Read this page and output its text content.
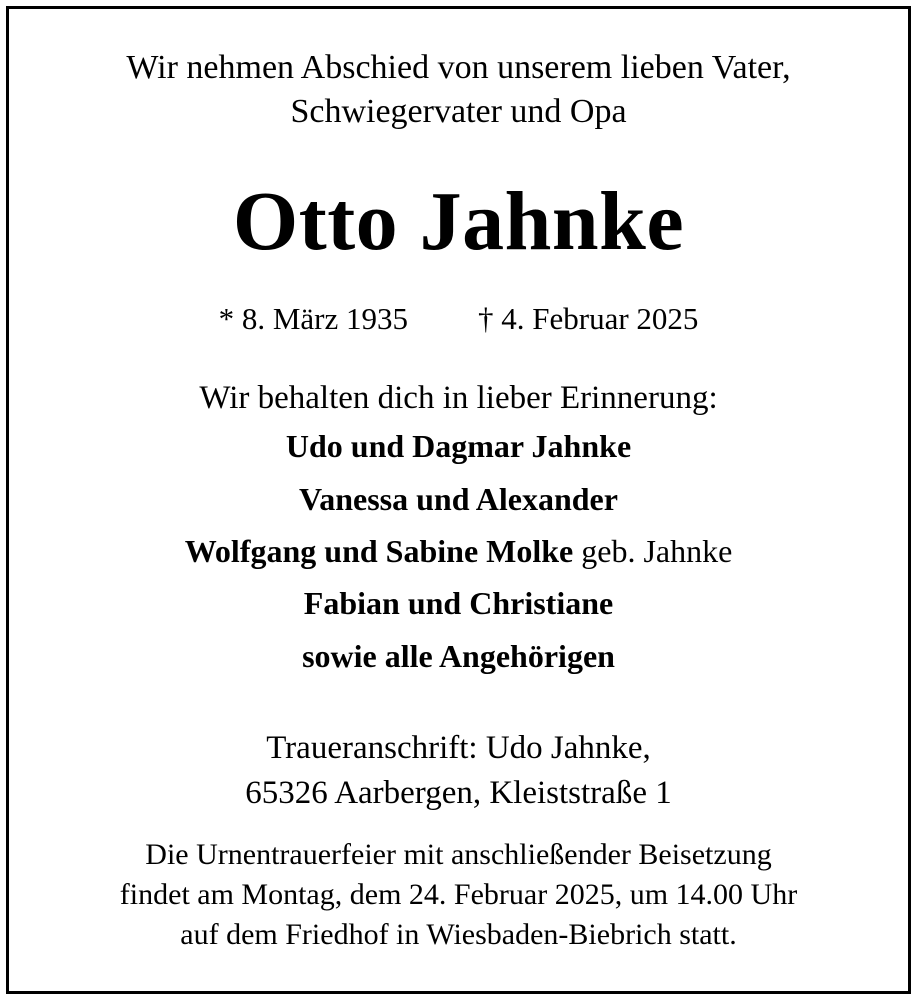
Wir nehmen Abschied von unserem lieben Vater,
Schwiegervater und Opa
Otto Jahnke
* 8. März 1935 † 4. Februar 2025
Wir behalten dich in lieber Erinnerung:
Udo und Dagmar Jahnke
Vanessa und Alexander
Wolfgang und Sabine Molke geb. Jahnke
Fabian und Christiane
sowie alle Angehörigen
Traueranschrift: Udo Jahnke,
65326 Aarbergen, Kleiststraße 1
Die Urnentrauerfeier mit anschließender Beisetzung
findet am Montag, dem 24. Februar 2025, um 14.00 Uhr
auf dem Friedhof in Wiesbaden-Biebrich statt.
